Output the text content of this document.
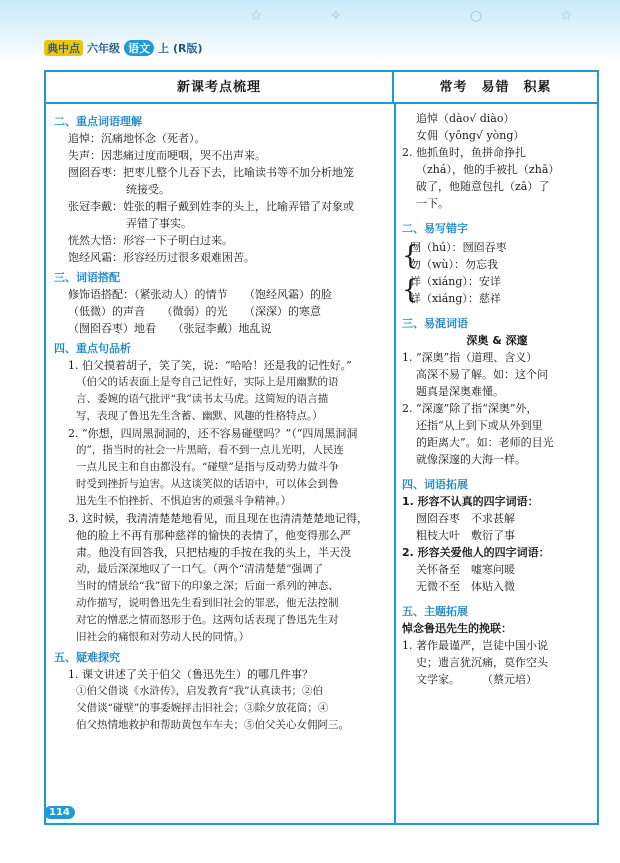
☆	✧	○	☆
典中点 六年级 语文 上 (R版)
新课考点梳理	常考　易错　积累
二、重点词语理解
追悼：沉痛地怀念（死者）。
失声：因悲痛过度而哽咽，哭不出声来。
囫囵吞枣：把枣儿整个儿吞下去，比喻读书等不加分析地笼
统接受。
张冠李戴：姓张的帽子戴到姓李的头上，比喻弄错了对象或
弄错了事实。
恍然大悟：形容一下子明白过来。
饱经风霜：形容经历过很多艰难困苦。
三、词语搭配
修饰语搭配：（紧张动人）的情节　　（饱经风霜）的脸
（低微）的声音　　（微弱）的光　　（深深）的寒意
（囫囵吞枣）地看　　（张冠李戴）地乱说
四、重点句品析
1. 伯父摸着胡子，笑了笑，说：“哈哈！还是我的记性好。”
（伯父的话表面上是夸自己记性好，实际上是用幽默的语
言、委婉的语气批评“我”读书太马虎。这简短的语言描
写，表现了鲁迅先生含蓄、幽默、风趣的性格特点。）
2. “你想，四周黑洞洞的，还不容易碰壁吗？”（“四周黑洞洞
的”，指当时的社会一片黑暗，看不到一点儿光明，人民连
一点儿民主和自由都没有。“碰壁”是指与反动势力做斗争
时受到挫折与迫害。从这谈笑似的话语中，可以体会到鲁
迅先生不怕挫折、不惧迫害的顽强斗争精神。）
3. 这时候，我清清楚楚地看见，而且现在也清清楚楚地记得，
他的脸上不再有那种慈祥的愉快的表情了，他变得那么严
肃。他没有回答我，只把枯瘦的手按在我的头上，半天没
动，最后深深地叹了一口气。（两个“清清楚楚”强调了
当时的情景给“我”留下的印象之深；后面一系列的神态、
动作描写，说明鲁迅先生看到旧社会的罪恶，他无法控制
对它的憎恶之情而怒形于色。这两句话表现了鲁迅先生对
旧社会的痛恨和对劳动人民的同情。）
五、疑难探究
1. 课文讲述了关于伯父（鲁迅先生）的哪几件事？
①伯父借谈《水浒传》，启发教育“我”认真读书；②伯
父借谈“碰壁”的事委婉抨击旧社会；③除夕放花筒；④
伯父热情地救护和帮助黄包车车夫；⑤伯父关心女佣阿三。
追悼（dào√ diào）
女佣（yōng√ yòng）
2. 他抓鱼时，鱼拼命挣扎
（zhá），他的手被扎（zhā）
破了，他随意包扎（zā）了
一下。
二、易写错字
{
囫（hú）：囫囵吞枣
勿（wù）：勿忘我
{
详（xiáng）：安详
祥（xiáng）：慈祥
三、易混词语
深奥 & 深邃
1. “深奥”指（道理、含义）
高深不易了解。如：这个问
题真是深奥难懂。
2. “深邃”除了指“深奥”外，
还指“从上到下或从外到里
的距离大”。如：老师的目光
就像深邃的大海一样。
四、词语拓展
1. 形容不认真的四字词语：
囫囵吞枣　不求甚解
粗枝大叶　敷衍了事
2. 形容关爱他人的四字词语：
关怀备至　嘘寒问暖
无微不至　体贴入微
五、主题拓展
悼念鲁迅先生的挽联：
1. 著作最谨严，岂徒中国小说
史；遗言犹沉痛，莫作空头
文学家。　　　（蔡元培）
114
